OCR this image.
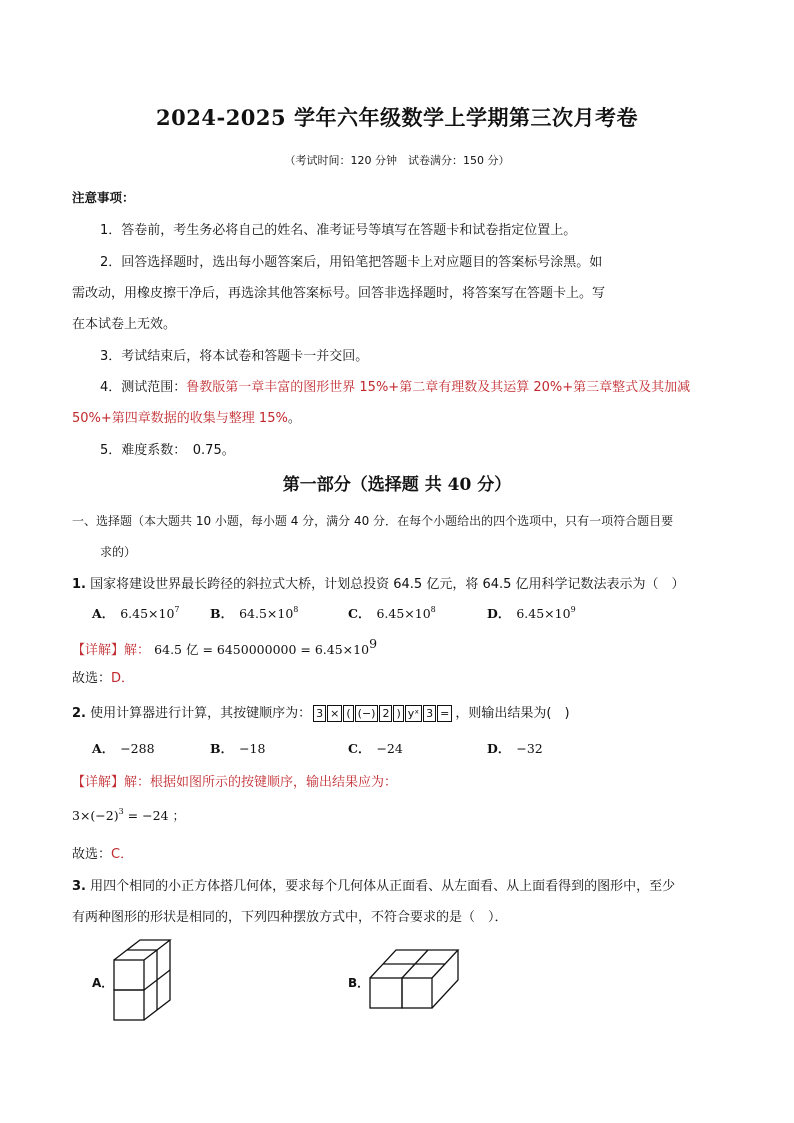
2024-2025 学年六年级数学上学期第三次月考卷
（考试时间：120 分钟　试卷满分：150 分）
注意事项：
1．答卷前，考生务必将自己的姓名、准考证号等填写在答题卡和试卷指定位置上。
2．回答选择题时，选出每小题答案后，用铅笔把答题卡上对应题目的答案标号涂黑。如
需改动，用橡皮擦干净后，再选涂其他答案标号。回答非选择题时，将答案写在答题卡上。写
在本试卷上无效。
3．考试结束后，将本试卷和答题卡一并交回。
4．测试范围：鲁教版第一章丰富的图形世界 15%+第二章有理数及其运算 20%+第三章整式及其加减
50%+第四章数据的收集与整理 15%。
5．难度系数：　0.75。
第一部分（选择题 共 40 分）
一、选择题（本大题共 10 小题，每小题 4 分，满分 40 分．在每个小题给出的四个选项中，只有一项符合题目要
求的）
1. 国家将建设世界最长跨径的斜拉式大桥，计划总投资 64.5 亿元，将 64.5 亿用科学记数法表示为（　）
A． $6.45\times 10^7$ B． $64.5\times 10^8$	C． $6.45\times 10^8$	D． $6.45\times 10^9$
【详解】解： 64.5 亿 = $6450000000 = 6.45\times 10^9$
故选：D．
2. 使用计算器进行计算，其按键顺序为： 3 × ( (−) 2 ) yˣ 3 = ，则输出结果为(　)
A． −288	B． −18	C． −24	D． −32
【详解】解：根据如图所示的按键顺序，输出结果应为：
$3\times(-2)^3 = -24$ ；
故选：C．
3. 用四个相同的小正方体搭几何体，要求每个几何体从正面看、从左面看、从上面看得到的图形中，至少
有两种图形的形状是相同的，下列四种摆放方式中，不符合要求的是（　）．
A．	B．
